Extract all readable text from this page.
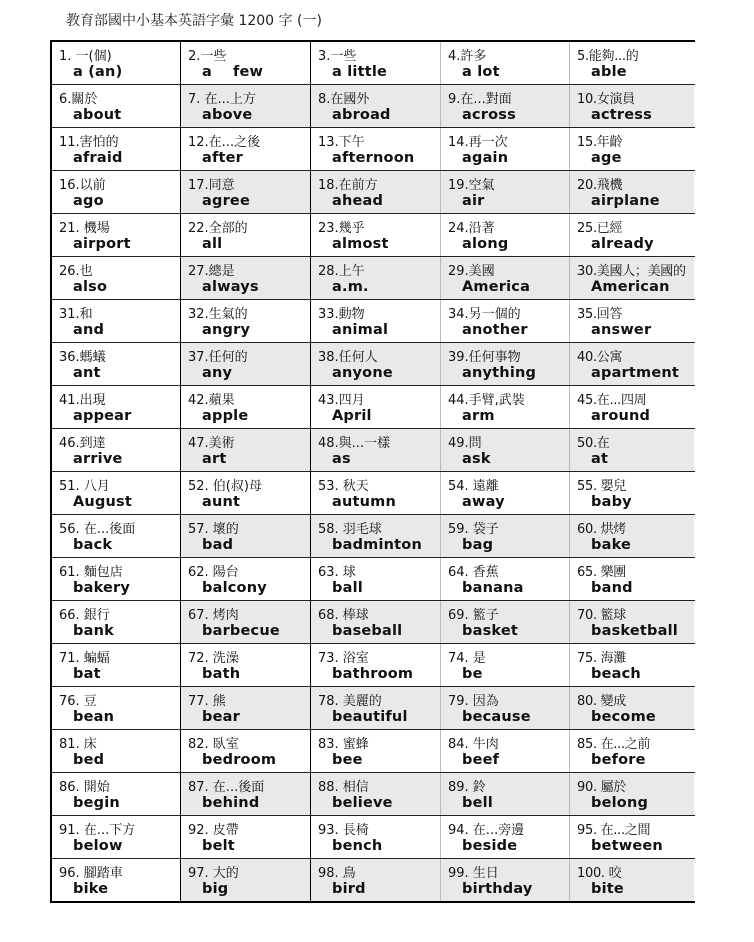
教育部國中小基本英語字彙 1200 字 (一)
1. 一(個)
a (an)
2.一些
a    few
3.一些
a little
4.許多
a lot
5.能夠...的
able
6.關於
about
7. 在...上方
above
8.在國外
abroad
9.在...對面
across
10.女演員
actress
11.害怕的
afraid
12.在...之後
after
13.下午
afternoon
14.再一次
again
15.年齡
age
16.以前
ago
17.同意
agree
18.在前方
ahead
19.空氣
air
20.飛機
airplane
21. 機場
airport
22.全部的
all
23.幾乎
almost
24.沿著
along
25.已經
already
26.也
also
27.總是
always
28.上午
a.m.
29.美國
America
30.美國人；美國的
American
31.和
and
32.生氣的
angry
33.動物
animal
34.另一個的
another
35.回答
answer
36.螞蟻
ant
37.任何的
any
38.任何人
anyone
39.任何事物
anything
40.公寓
apartment
41.出現
appear
42.蘋果
apple
43.四月
April
44.手臂,武裝
arm
45.在...四周
around
46.到達
arrive
47.美術
art
48.與...一樣
as
49.問
ask
50.在
at
51. 八月
August
52. 伯(叔)母
aunt
53. 秋天
autumn
54. 遠離
away
55. 嬰兒
baby
56. 在...後面
back
57. 壞的
bad
58. 羽毛球
badminton
59. 袋子
bag
60. 烘烤
bake
61. 麵包店
bakery
62. 陽台
balcony
63. 球
ball
64. 香蕉
banana
65. 樂團
band
66. 銀行
bank
67. 烤肉
barbecue
68. 棒球
baseball
69. 籃子
basket
70. 籃球
basketball
71. 蝙蝠
bat
72. 洗澡
bath
73. 浴室
bathroom
74. 是
be
75. 海灘
beach
76. 豆
bean
77. 熊
bear
78. 美麗的
beautiful
79. 因為
because
80. 變成
become
81. 床
bed
82. 臥室
bedroom
83. 蜜蜂
bee
84. 牛肉
beef
85. 在...之前
before
86. 開始
begin
87. 在...後面
behind
88. 相信
believe
89. 鈴
bell
90. 屬於
belong
91. 在...下方
below
92. 皮帶
belt
93. 長椅
bench
94. 在...旁邊
beside
95. 在...之間
between
96. 腳踏車
bike
97. 大的
big
98. 鳥
bird
99. 生日
birthday
100. 咬
bite
